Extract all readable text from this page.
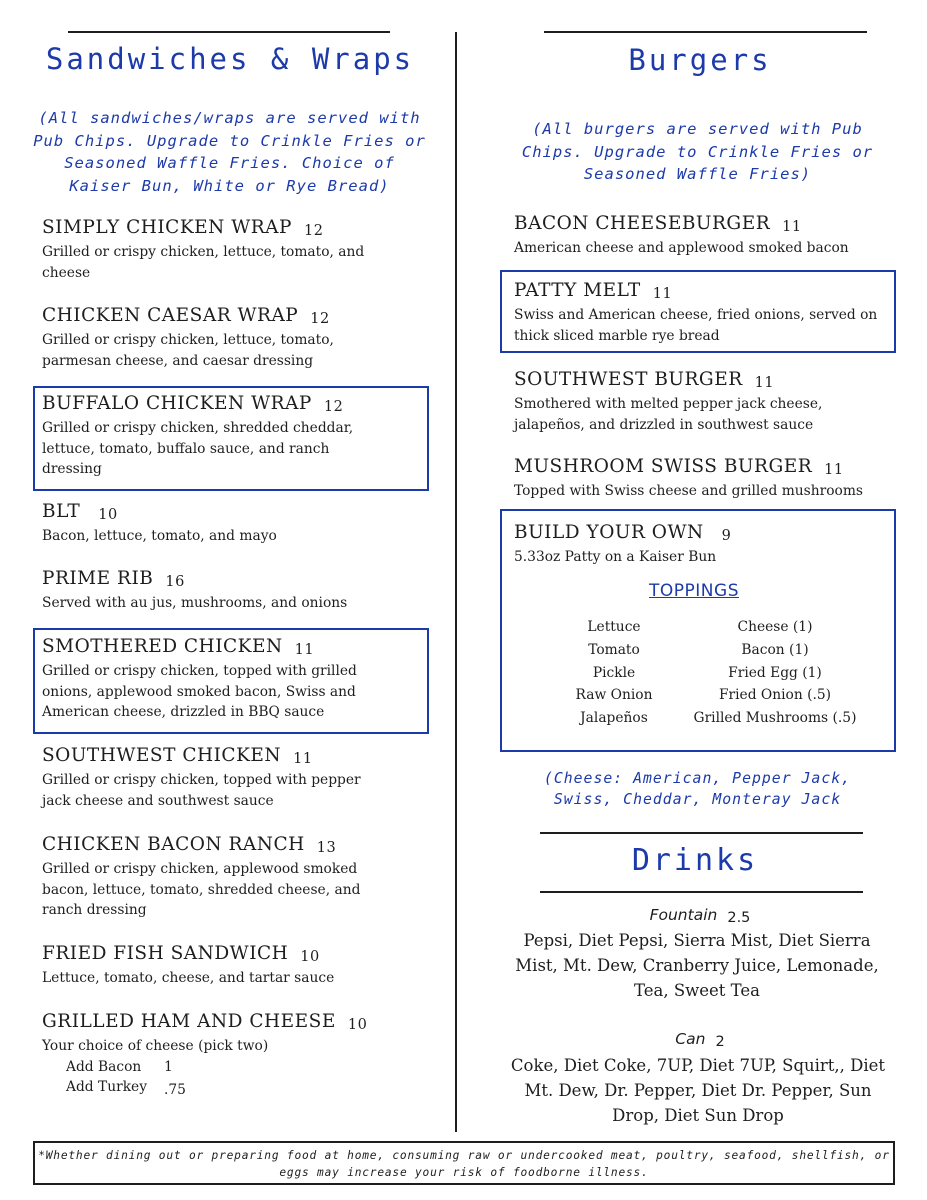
Sandwiches & Wraps
(All sandwiches/wraps are served with Pub Chips. Upgrade to Crinkle Fries or Seasoned Waffle Fries. Choice of Kaiser Bun, White or Rye Bread)
SIMPLY CHICKEN WRAP 12
Grilled or crispy chicken, lettuce, tomato, and cheese
CHICKEN CAESAR WRAP 12
Grilled or crispy chicken, lettuce, tomato, parmesan cheese, and caesar dressing
BUFFALO CHICKEN WRAP 12
Grilled or crispy chicken, shredded cheddar, lettuce, tomato, buffalo sauce, and ranch dressing
BLT 10
Bacon, lettuce, tomato, and mayo
PRIME RIB 16
Served with au jus, mushrooms, and onions
SMOTHERED CHICKEN 11
Grilled or crispy chicken, topped with grilled onions, applewood smoked bacon, Swiss and American cheese, drizzled in BBQ sauce
SOUTHWEST CHICKEN 11
Grilled or crispy chicken, topped with pepper jack cheese and southwest sauce
CHICKEN BACON RANCH 13
Grilled or crispy chicken, applewood smoked bacon, lettuce, tomato, shredded cheese, and ranch dressing
FRIED FISH SANDWICH 10
Lettuce, tomato, cheese, and tartar sauce
GRILLED HAM AND CHEESE 10
Your choice of cheese (pick two)
Add Bacon 1
Add Turkey .75
Burgers
(All burgers are served with Pub Chips. Upgrade to Crinkle Fries or Seasoned Waffle Fries)
BACON CHEESEBURGER 11
American cheese and applewood smoked bacon
PATTY MELT 11
Swiss and American cheese, fried onions, served on thick sliced marble rye bread
SOUTHWEST BURGER 11
Smothered with melted pepper jack cheese, jalapeños, and drizzled in southwest sauce
MUSHROOM SWISS BURGER 11
Topped with Swiss cheese and grilled mushrooms
BUILD YOUR OWN 9
5.33oz Patty on a Kaiser Bun
TOPPINGS
Lettuce
Tomato
Pickle
Raw Onion
Jalapeños
Cheese (1)
Bacon (1)
Fried Egg (1)
Fried Onion (.5)
Grilled Mushrooms (.5)
(Cheese: American, Pepper Jack, Swiss, Cheddar, Monteray Jack
Drinks
Fountain 2.5
Pepsi, Diet Pepsi, Sierra Mist, Diet Sierra Mist, Mt. Dew, Cranberry Juice, Lemonade, Tea, Sweet Tea
Can 2
Coke, Diet Coke, 7UP, Diet 7UP, Squirt,, Diet Mt. Dew, Dr. Pepper, Diet Dr. Pepper, Sun Drop, Diet Sun Drop
*Whether dining out or preparing food at home, consuming raw or undercooked meat, poultry, seafood, shellfish, or eggs may increase your risk of foodborne illness.
